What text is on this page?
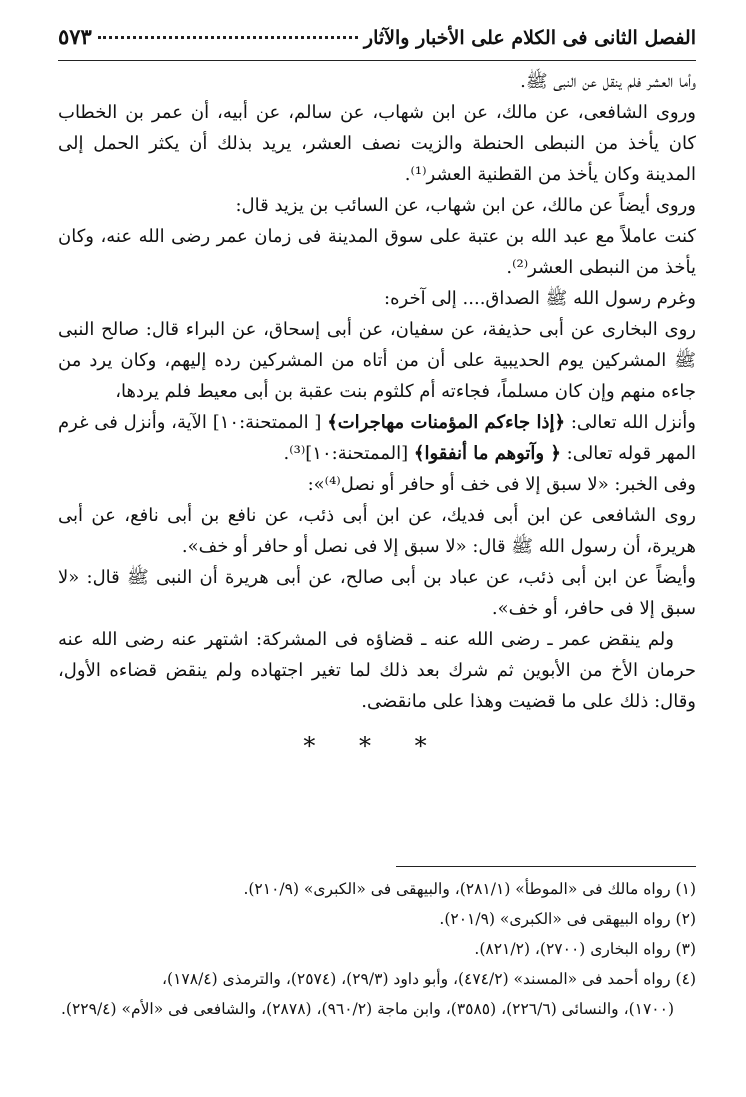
الفصل الثانى فى الكلام على الأخبار والآثار
٥٧٣

وأما العشر فلم ينقل عن النبى ﷺ.

وروى الشافعى، عن مالك، عن ابن شهاب، عن سالم، عن أبيه، أن عمر بن الخطاب كان يأخذ من النبطى الحنطة والزيت نصف العشر، يريد بذلك أن يكثر الحمل إلى المدينة وكان يأخذ من القطنية العشر⁽¹⁾.

وروى أيضاً عن مالك، عن ابن شهاب، عن السائب بن يزيد قال:

كنت عاملاً مع عبد الله بن عتبة على سوق المدينة فى زمان عمر رضى الله عنه، وكان يأخذ من النبطى العشر⁽²⁾.

وغرم رسول الله ﷺ الصداق.... إلى آخره:

روى البخارى عن أبى حذيفة، عن سفيان، عن أبى إسحاق، عن البراء قال: صالح النبى ﷺ المشركين يوم الحديبية على أن من أتاه من المشركين رده إليهم، وكان يرد من جاءه منهم وإن كان مسلماً، فجاءته أم كلثوم بنت عقبة بن أبى معيط فلم يردها،

وأنزل الله تعالى: ﴿إذا جاءكم المؤمنات مهاجرات﴾ [ الممتحنة:١٠] الآية، وأنزل فى غرم المهر قوله تعالى: ﴿ وآتوهم ما أنفقوا﴾ [الممتحنة:١٠]⁽³⁾.

وفى الخبر: «لا سبق إلا فى خف أو حافر أو نصل⁽⁴⁾»:

روى الشافعى عن ابن أبى فديك، عن ابن أبى ذئب، عن نافع بن أبى نافع، عن أبى هريرة، أن رسول الله ﷺ قال: «لا سبق إلا فى نصل أو حافر أو خف».

وأيضاً عن ابن أبى ذئب، عن عباد بن أبى صالح، عن أبى هريرة أن النبى ﷺ قال: «لا سبق إلا فى حافر، أو خف».

ولم ينقض عمر ـ رضى الله عنه ـ قضاؤه فى المشركة: اشتهر عنه رضى الله عنه حرمان الأخ من الأبوين ثم شرك بعد ذلك لما تغير اجتهاده ولم ينقض قضاءه الأول، وقال: ذلك على ما قضيت وهذا على مانقضى.

* * *

(١) رواه مالك فى «الموطأ» (٢٨١/١)، والبيهقى فى «الكبرى» (٢١٠/٩).

(٢) رواه البيهقى فى «الكبرى» (٢٠١/٩).

(٣) رواه البخارى (٢٧٠٠)، (٨٢١/٢).

(٤) رواه أحمد فى «المسند» (٤٧٤/٢)، وأبو داود (٢٩/٣)، (٢٥٧٤)، والترمذى (١٧٨/٤)،

(١٧٠٠)، والنسائى (٢٢٦/٦)، (٣٥٨٥)، وابن ماجة (٩٦٠/٢)، (٢٨٧٨)، والشافعى فى «الأم» (٢٢٩/٤).
